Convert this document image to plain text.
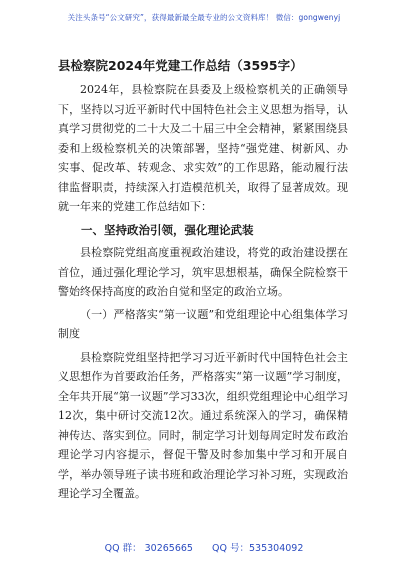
关注头条号“公文研究”，获得最新最全最专业的公文资料库！ 微信：gongwenyj
县检察院2024年党建工作总结（3595字）

2024年，县检察院在县委及上级检察机关的正确领导下，坚持以习近平新时代中国特色社会主义思想为指导，认真学习贯彻党的二十大及二十届三中全会精神，紧紧围绕县委和上级检察机关的决策部署，坚持“强党建、树新风、办实事、促改革、转观念、求实效”的工作思路，能动履行法律监督职责，持续深入打造模范机关，取得了显著成效。现就一年来的党建工作总结如下：

一、坚持政治引领，强化理论武装

县检察院党组高度重视政治建设，将党的政治建设摆在首位，通过强化理论学习，筑牢思想根基，确保全院检察干警始终保持高度的政治自觉和坚定的政治立场。

（一）严格落实“第一议题”和党组理论中心组集体学习制度

县检察院党组坚持把学习习近平新时代中国特色社会主义思想作为首要政治任务，严格落实“第一议题”学习制度，全年共开展“第一议题”学习33次，组织党组理论中心组学习12次，集中研讨交流12次。通过系统深入的学习，确保精神传达、落实到位。同时，制定学习计划每周定时发布政治理论学习内容提示，督促干警及时参加集中学习和开展自学，举办领导班子读书班和政治理论学习补习班，实现政治理论学习全覆盖。

QQ 群： 30265665 QQ 号：535304092
